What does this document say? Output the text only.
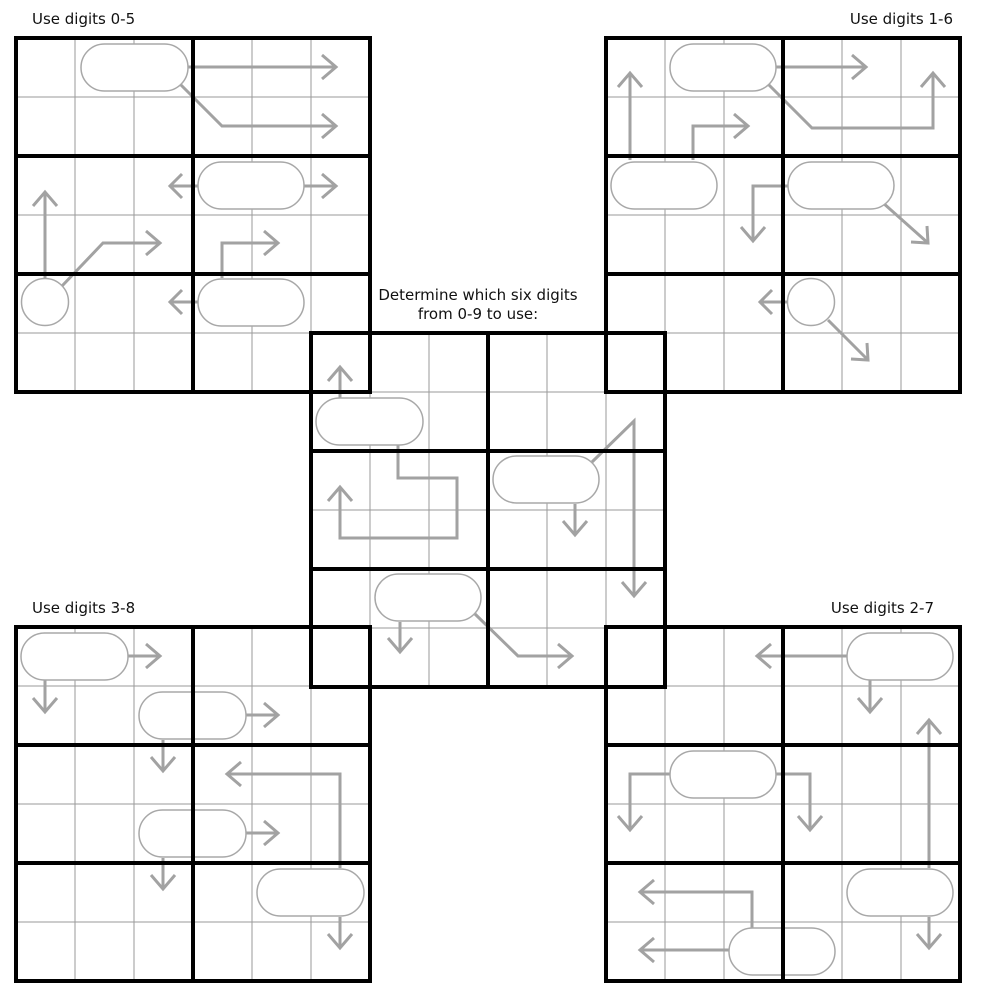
Use digits 0-5	Use digits 1-6
Use digits 3-8	Use digits 2-7
Determine which six digits
from 0-9 to use:
